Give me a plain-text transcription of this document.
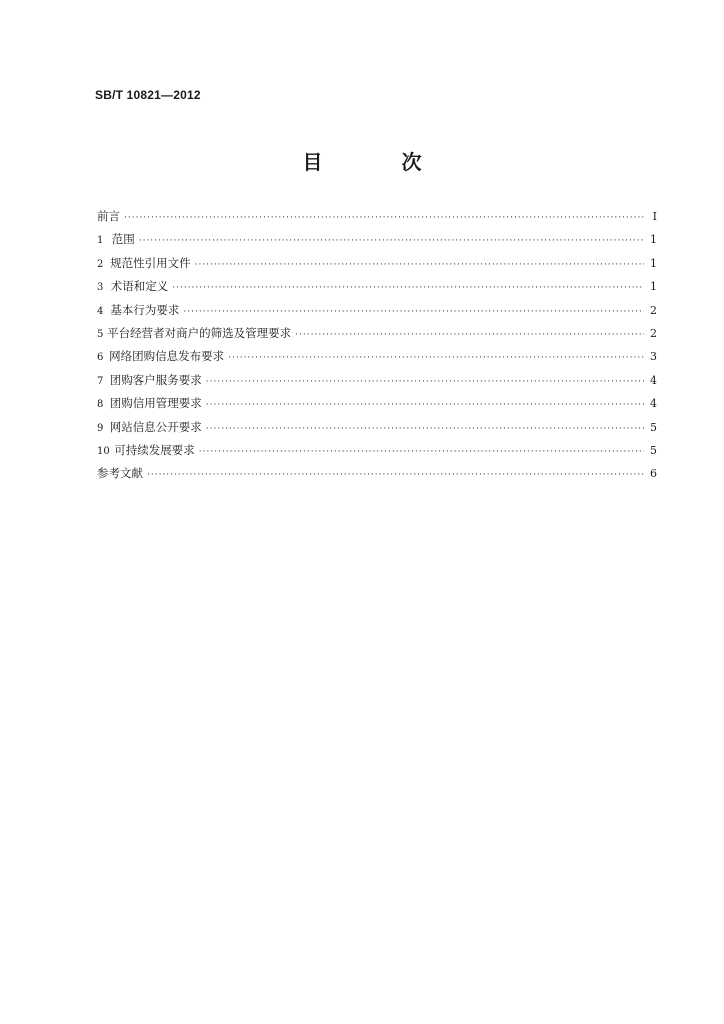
SB/T 10821—2012
目 次
前言 ·····	Ⅰ
1 范围 ·····	1
2 规范性引用文件 ·····	1
3 术语和定义 ·····	1
4 基本行为要求 ·····	2
5 平台经营者对商户的筛选及管理要求 ·····	2
6 网络团购信息发布要求 ·····	3
7 团购客户服务要求 ·····	4
8 团购信用管理要求 ·····	4
9 网站信息公开要求 ·····	5
10 可持续发展要求 ·····	5
参考文献 ·····	6
